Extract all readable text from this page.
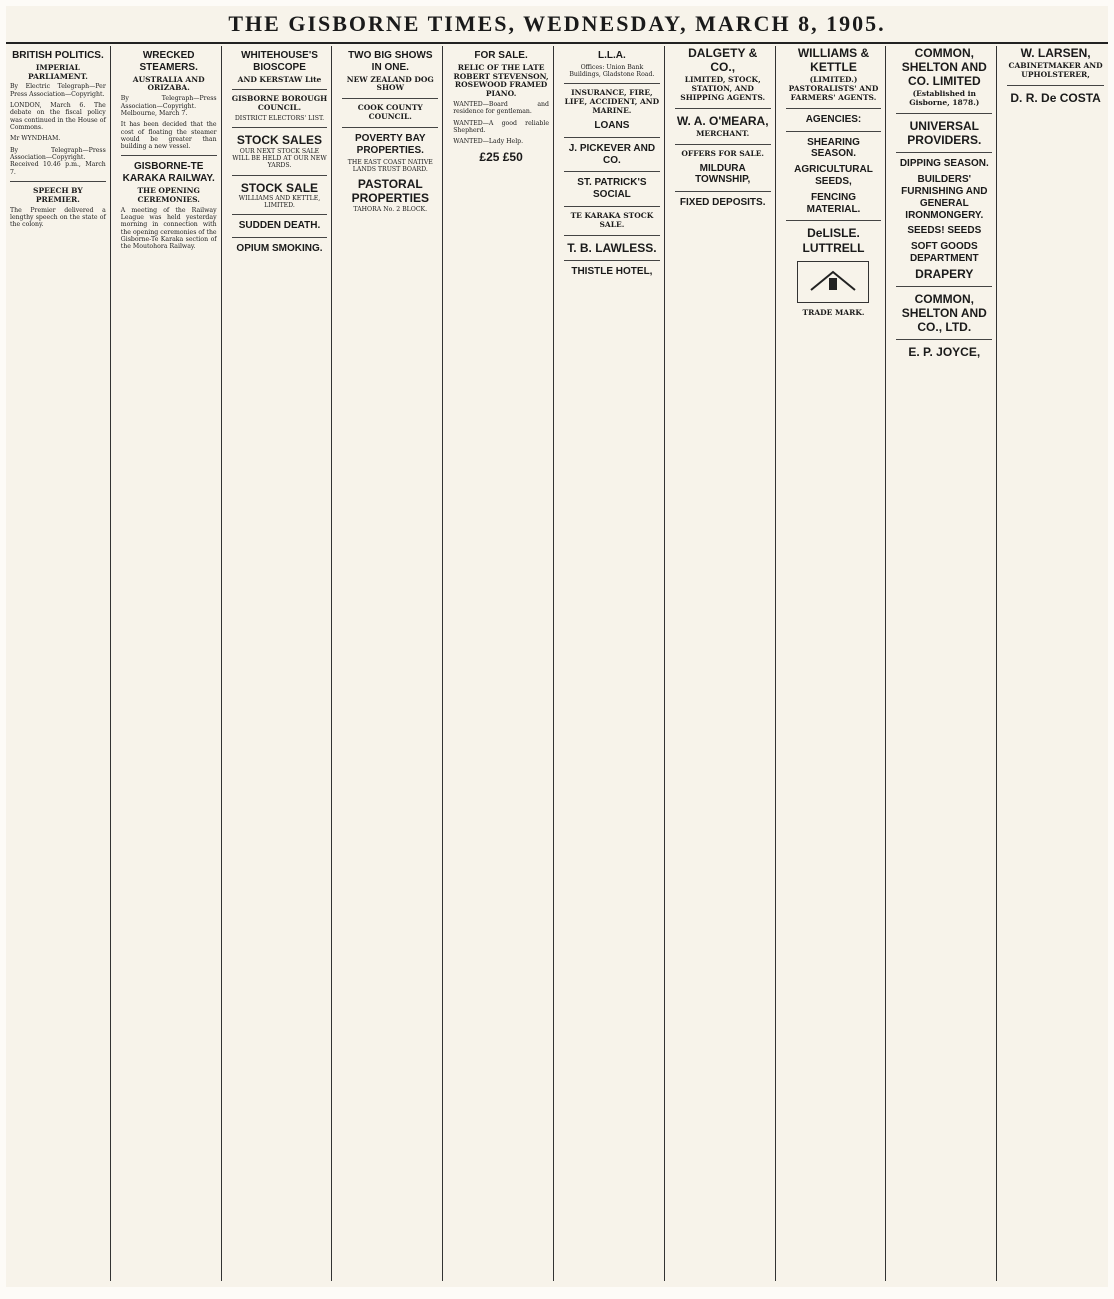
THE GISBORNE TIMES, WEDNESDAY, MARCH 8, 1905.
BRITISH POLITICS.
IMPERIAL PARLIAMENT.

By Electric Telegraph—Per Press Association—Copyright.

LONDON, March 6. The debate on the fiscal policy was continued in the House of Commons.

Mr WYNDHAM.

By Telegraph—Press Association—Copyright. Received 10.46 p.m., March 7.

SPEECH BY PREMIER.

The Premier delivered a lengthy speech on the state of the colony.

WRECKED STEAMERS.
AUSTRALIA AND ORIZABA.

By Telegraph—Press Association—Copyright. Melbourne, March 7.

It has been decided that the cost of floating the steamer would be greater than building a new vessel.

GISBORNE-TE KARAKA RAILWAY.
THE OPENING CEREMONIES.

A meeting of the Railway League was held yesterday morning in connection with the opening ceremonies of the Gisborne-Te Karaka section of the Moutohora Railway.

WHITEHOUSE'S BIOSCOPE
AND KERSTAW Lite
GISBORNE BOROUGH COUNCIL.

DISTRICT ELECTORS' LIST.

STOCK SALES

OUR NEXT STOCK SALE WILL BE HELD AT OUR NEW YARDS.

STOCK SALE

WILLIAMS AND KETTLE, LIMITED.

SUDDEN DEATH.
OPIUM SMOKING.
TWO BIG SHOWS IN ONE.
NEW ZEALAND DOG SHOW
COOK COUNTY COUNCIL.
POVERTY BAY PROPERTIES.

THE EAST COAST NATIVE LANDS TRUST BOARD.

PASTORAL PROPERTIES

TAHORA No. 2 BLOCK.

FOR SALE.
RELIC OF THE LATE ROBERT STEVENSON, ROSEWOOD FRAMED PIANO.

WANTED—Board and residence for gentleman.

WANTED—A good reliable Shepherd.

WANTED—Lady Help.

£25 £50
L.L.A.

Offices: Union Bank Buildings, Gladstone Road.

INSURANCE, FIRE, LIFE, ACCIDENT, AND MARINE.
LOANS
J. PICKEVER AND CO.
ST. PATRICK'S SOCIAL
TE KARAKA STOCK SALE.
T. B. LAWLESS.
THISTLE HOTEL,
DALGETY & CO.,
LIMITED, STOCK, STATION, AND SHIPPING AGENTS.
W. A. O'MEARA,
MERCHANT.
OFFERS FOR SALE.
MILDURA TOWNSHIP,
FIXED DEPOSITS.
WILLIAMS & KETTLE
(LIMITED.) PASTORALISTS' AND FARMERS' AGENTS.
AGENCIES:
SHEARING SEASON.
AGRICULTURAL SEEDS,
FENCING MATERIAL.
DeLISLE. LUTTRELL
TRADE MARK.
COMMON, SHELTON AND CO. LIMITED
(Established in Gisborne, 1878.)
UNIVERSAL PROVIDERS.
DIPPING SEASON.
BUILDERS' FURNISHING AND GENERAL IRONMONGERY.
SEEDS! SEEDS
SOFT GOODS DEPARTMENT
DRAPERY
COMMON, SHELTON AND CO., LTD.
E. P. JOYCE,
W. LARSEN,
CABINETMAKER AND UPHOLSTERER,
D. R. De COSTA
